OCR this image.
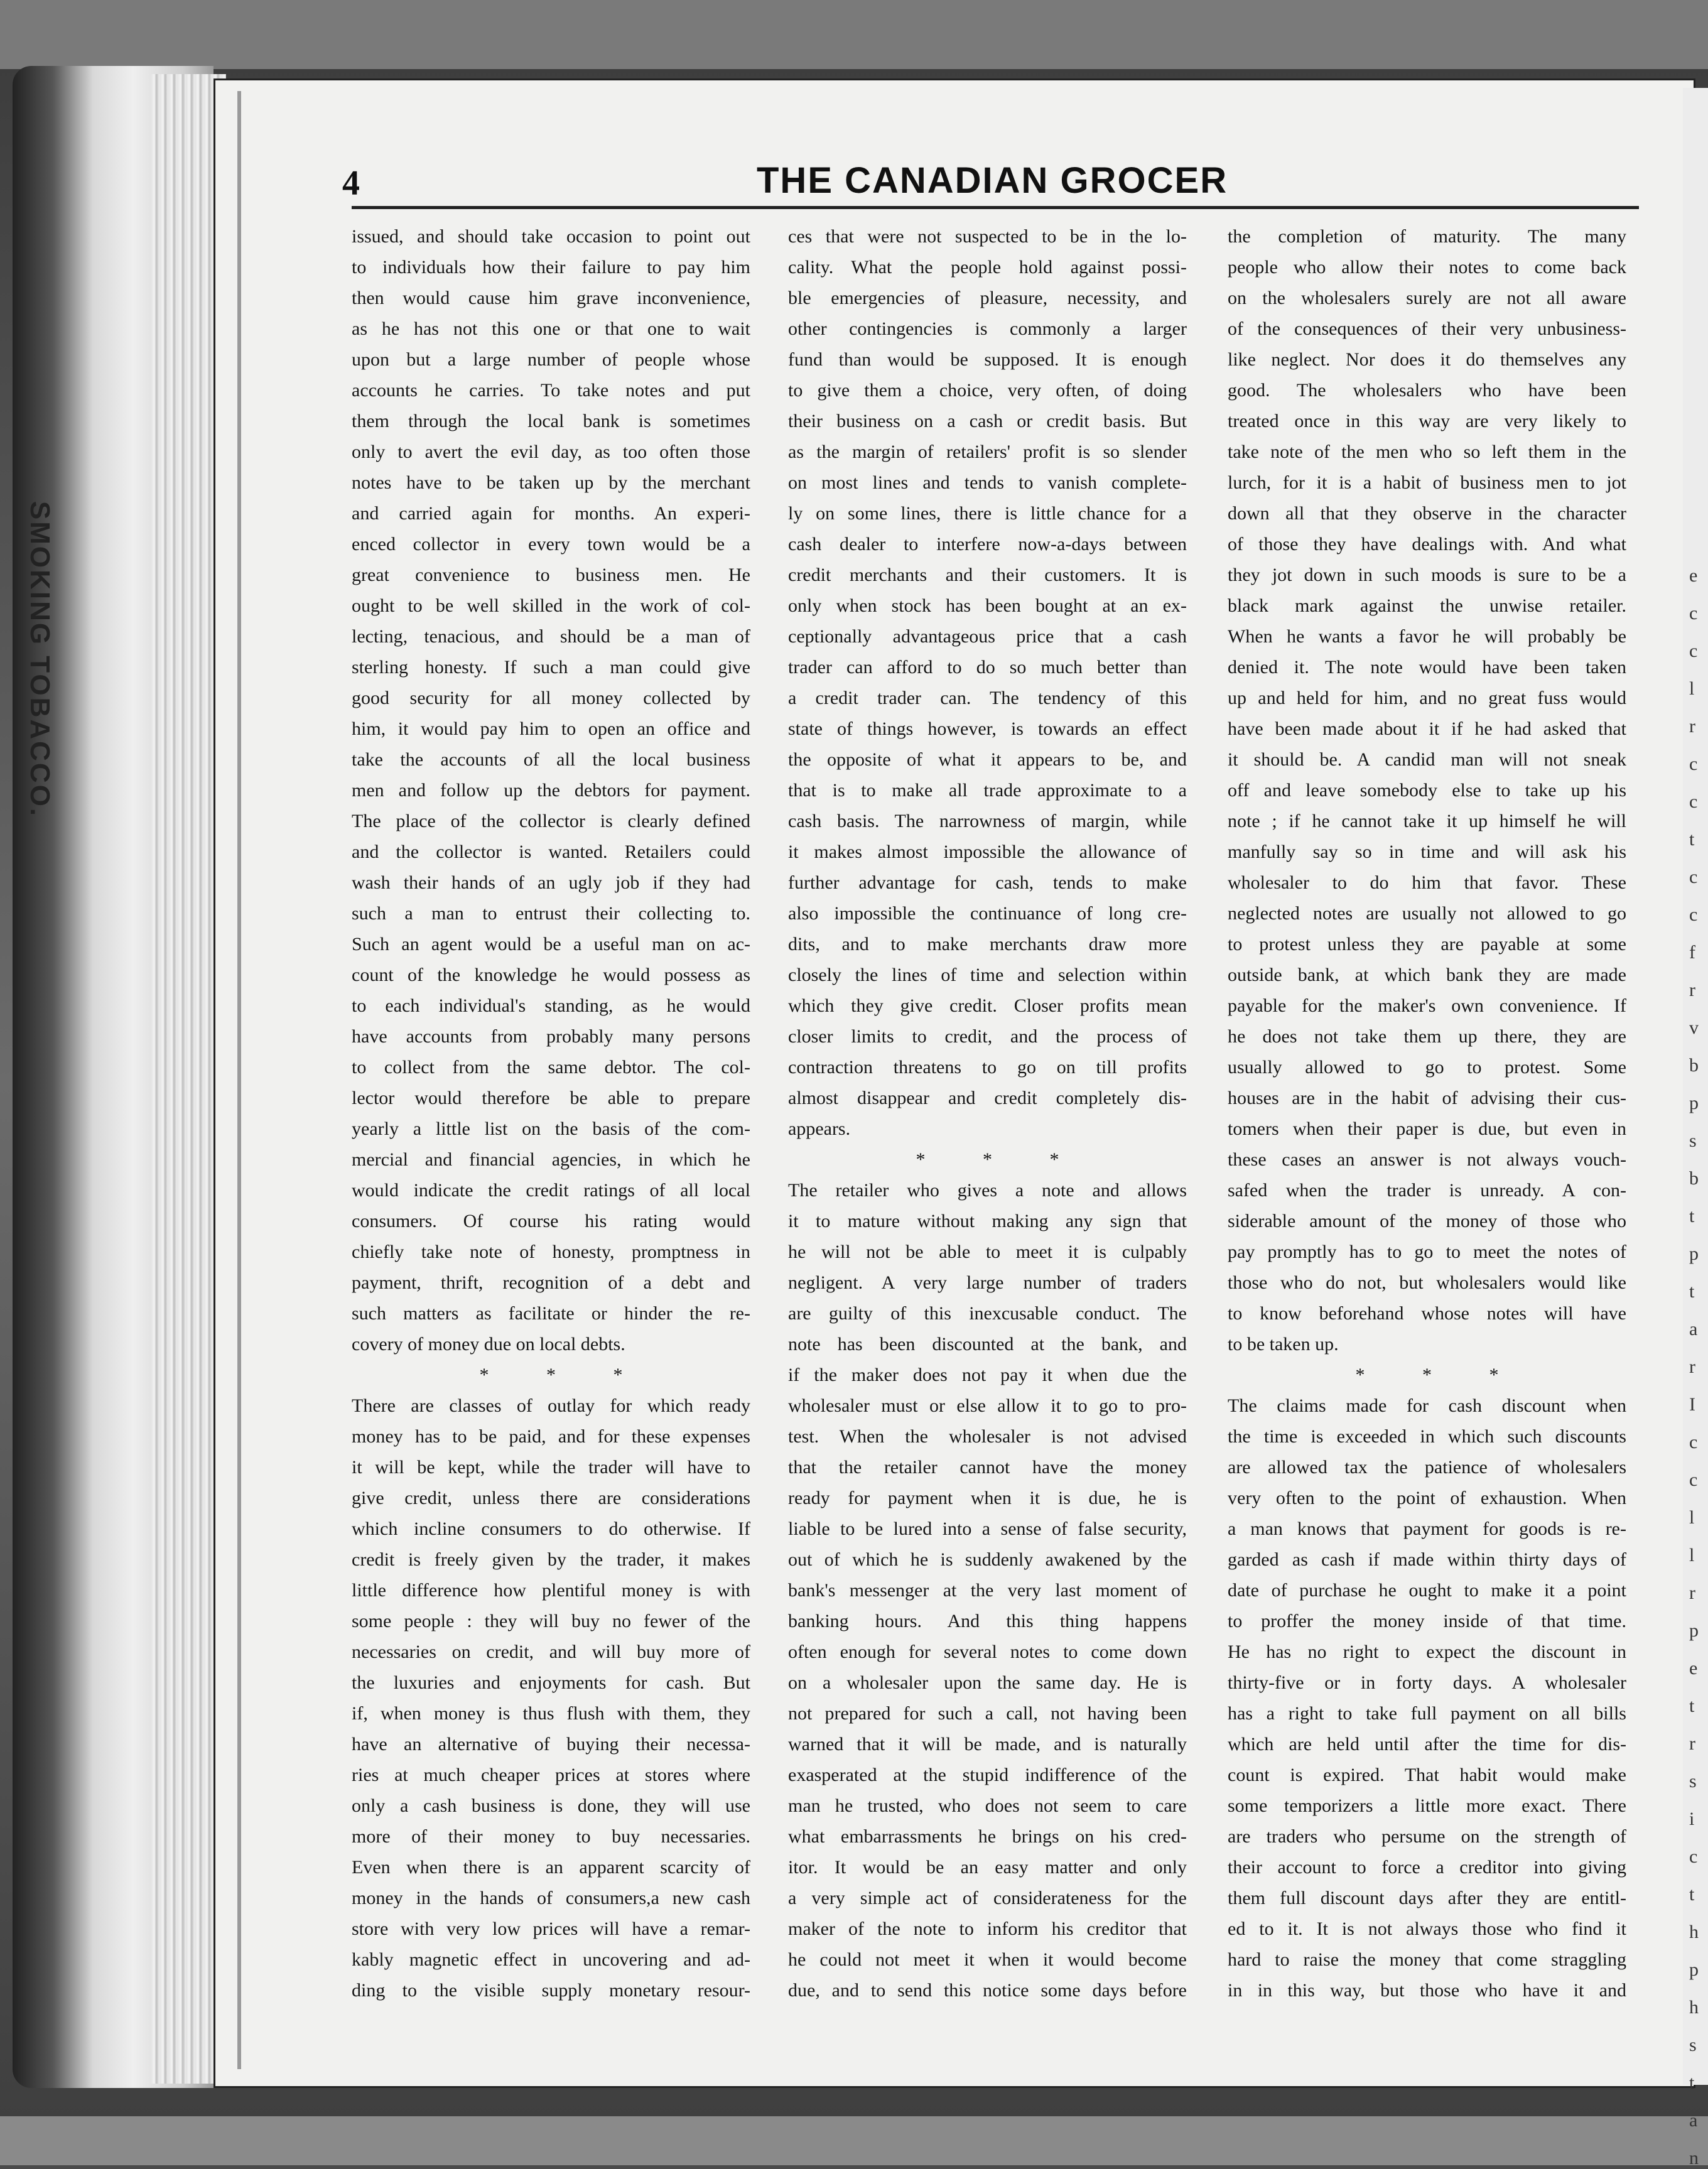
SMOKING TOBACCO.	e
c
c
l
r
c
c
t
c
c
f
r
v
b
p
s
b
t
p
t
a
r
I
c
c
l
l
r
p
e
t
r
s
i
c
t
h
p
h
s
t
a
n
4	THE CANADIAN GROCER
issued, and should take occasion to point out
to individuals how their failure to pay him
then would cause him grave inconvenience,
as he has not this one or that one to wait
upon but a large number of people whose
accounts he carries. To take notes and put
them through the local bank is sometimes
only to avert the evil day, as too often those
notes have to be taken up by the merchant
and carried again for months. An experi-
enced collector in every town would be a
great convenience to business men. He
ought to be well skilled in the work of col-
lecting, tenacious, and should be a man of
sterling honesty. If such a man could give
good security for all money collected by
him, it would pay him to open an office and
take the accounts of all the local business
men and follow up the debtors for payment.
The place of the collector is clearly defined
and the collector is wanted. Retailers could
wash their hands of an ugly job if they had
such a man to entrust their collecting to.
Such an agent would be a useful man on ac-
count of the knowledge he would possess as
to each individual's standing, as he would
have accounts from probably many persons
to collect from the same debtor. The col-
lector would therefore be able to prepare
yearly a little list on the basis of the com-
mercial and financial agencies, in which he
would indicate the credit ratings of all local
consumers. Of course his rating would
chiefly take note of honesty, promptness in
payment, thrift, recognition of a debt and
such matters as facilitate or hinder the re-
covery of money due on local debts.
* * *
There are classes of outlay for which ready
money has to be paid, and for these expenses
it will be kept, while the trader will have to
give credit, unless there are considerations
which incline consumers to do otherwise. If
credit is freely given by the trader, it makes
little difference how plentiful money is with
some people : they will buy no fewer of the
necessaries on credit, and will buy more of
the luxuries and enjoyments for cash. But
if, when money is thus flush with them, they
have an alternative of buying their necessa-
ries at much cheaper prices at stores where
only a cash business is done, they will use
more of their money to buy necessaries.
Even when there is an apparent scarcity of
money in the hands of consumers,a new cash
store with very low prices will have a remar-
kably magnetic effect in uncovering and ad-
ding to the visible supply monetary resour-
ces that were not suspected to be in the lo-
cality. What the people hold against possi-
ble emergencies of pleasure, necessity, and
other contingencies is commonly a larger
fund than would be supposed. It is enough
to give them a choice, very often, of doing
their business on a cash or credit basis. But
as the margin of retailers' profit is so slender
on most lines and tends to vanish complete-
ly on some lines, there is little chance for a
cash dealer to interfere now-a-days between
credit merchants and their customers. It is
only when stock has been bought at an ex-
ceptionally advantageous price that a cash
trader can afford to do so much better than
a credit trader can. The tendency of this
state of things however, is towards an effect
the opposite of what it appears to be, and
that is to make all trade approximate to a
cash basis. The narrowness of margin, while
it makes almost impossible the allowance of
further advantage for cash, tends to make
also impossible the continuance of long cre-
dits, and to make merchants draw more
closely the lines of time and selection within
which they give credit. Closer profits mean
closer limits to credit, and the process of
contraction threatens to go on till profits
almost disappear and credit completely dis-
appears.
* * *
The retailer who gives a note and allows
it to mature without making any sign that
he will not be able to meet it is culpably
negligent. A very large number of traders
are guilty of this inexcusable conduct. The
note has been discounted at the bank, and
if the maker does not pay it when due the
wholesaler must or else allow it to go to pro-
test. When the wholesaler is not advised
that the retailer cannot have the money
ready for payment when it is due, he is
liable to be lured into a sense of false security,
out of which he is suddenly awakened by the
bank's messenger at the very last moment of
banking hours. And this thing happens
often enough for several notes to come down
on a wholesaler upon the same day. He is
not prepared for such a call, not having been
warned that it will be made, and is naturally
exasperated at the stupid indifference of the
man he trusted, who does not seem to care
what embarrassments he brings on his cred-
itor. It would be an easy matter and only
a very simple act of considerateness for the
maker of the note to inform his creditor that
he could not meet it when it would become
due, and to send this notice some days before
the completion of maturity. The many
people who allow their notes to come back
on the wholesalers surely are not all aware
of the consequences of their very unbusiness-
like neglect. Nor does it do themselves any
good. The wholesalers who have been
treated once in this way are very likely to
take note of the men who so left them in the
lurch, for it is a habit of business men to jot
down all that they observe in the character
of those they have dealings with. And what
they jot down in such moods is sure to be a
black mark against the unwise retailer.
When he wants a favor he will probably be
denied it. The note would have been taken
up and held for him, and no great fuss would
have been made about it if he had asked that
it should be. A candid man will not sneak
off and leave somebody else to take up his
note ; if he cannot take it up himself he will
manfully say so in time and will ask his
wholesaler to do him that favor. These
neglected notes are usually not allowed to go
to protest unless they are payable at some
outside bank, at which bank they are made
payable for the maker's own convenience. If
he does not take them up there, they are
usually allowed to go to protest. Some
houses are in the habit of advising their cus-
tomers when their paper is due, but even in
these cases an answer is not always vouch-
safed when the trader is unready. A con-
siderable amount of the money of those who
pay promptly has to go to meet the notes of
those who do not, but wholesalers would like
to know beforehand whose notes will have
to be taken up.
* * *
The claims made for cash discount when
the time is exceeded in which such discounts
are allowed tax the patience of wholesalers
very often to the point of exhaustion. When
a man knows that payment for goods is re-
garded as cash if made within thirty days of
date of purchase he ought to make it a point
to proffer the money inside of that time.
He has no right to expect the discount in
thirty-five or in forty days. A wholesaler
has a right to take full payment on all bills
which are held until after the time for dis-
count is expired. That habit would make
some temporizers a little more exact. There
are traders who persume on the strength of
their account to force a creditor into giving
them full discount days after they are entitl-
ed to it. It is not always those who find it
hard to raise the money that come straggling
in in this way, but those who have it and
